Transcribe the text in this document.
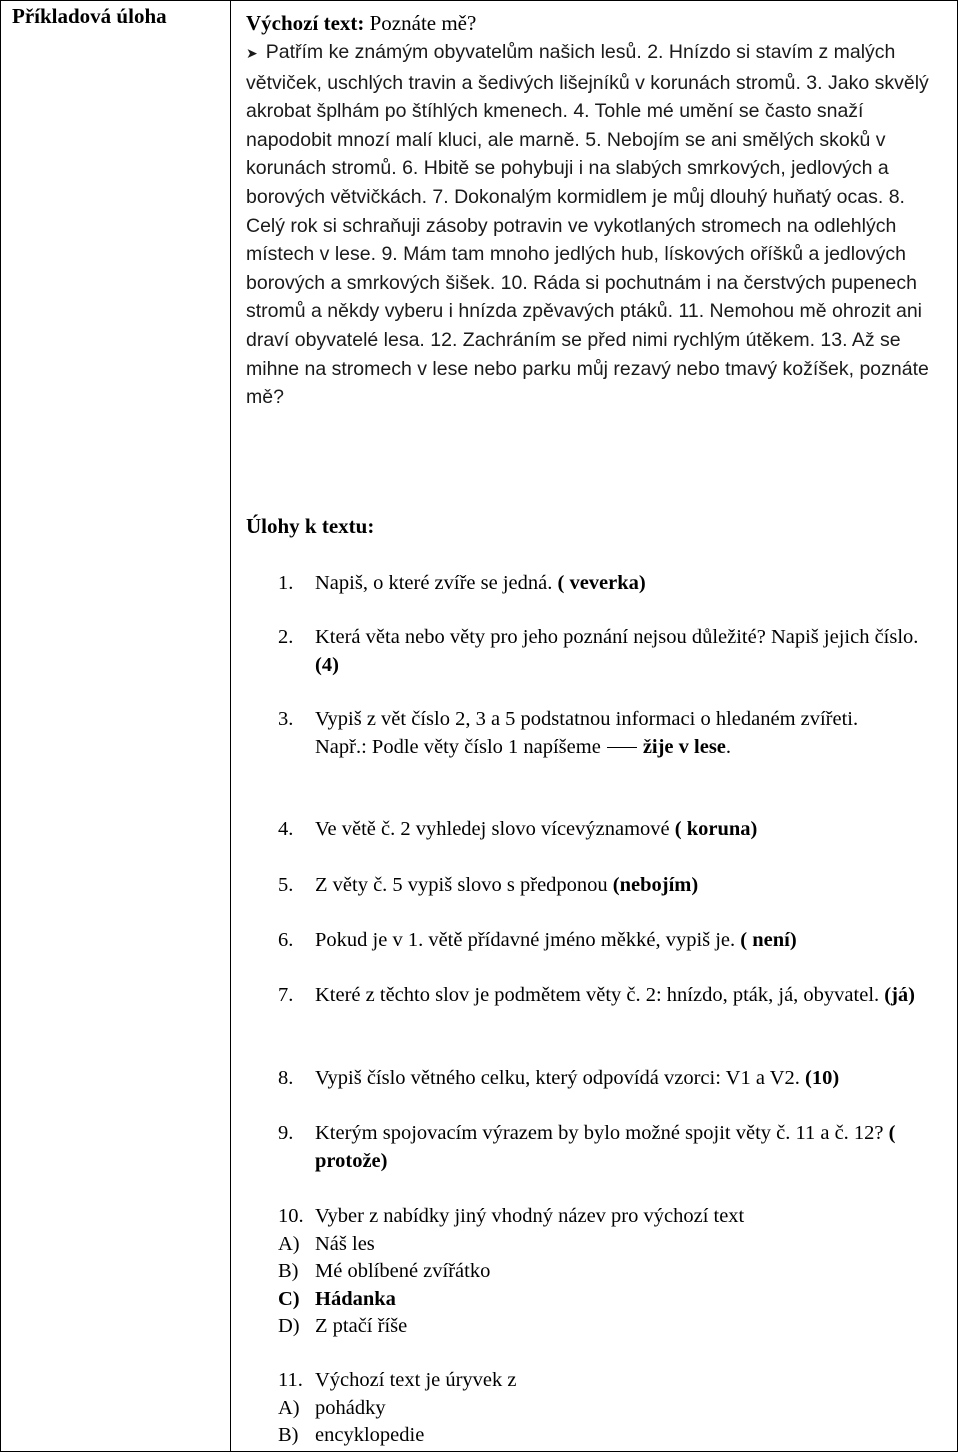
Příkladová úloha	Výchozí text: Poznáte mě?
➤ Patřím ke známým obyvatelům našich lesů. 2. Hnízdo si stavím z malých větviček, uschlých travin a šedivých lišejníků v korunách stromů. 3. Jako skvělý akrobat šplhám po štíhlých kmenech. 4. Tohle mé umění se často snaží napodobit mnozí malí kluci, ale marně. 5. Nebojím se ani smělých skoků v korunách stromů. 6. Hbitě se pohybuji i na slabých smrkových, jedlových a borových větvičkách. 7. Dokonalým kormidlem je můj dlouhý huňatý ocas. 8. Celý rok si schraňuji zásoby potravin ve vykotlaných stromech na odlehlých místech v lese. 9. Mám tam mnoho jedlých hub, lískových oříšků a jedlových borových a smrkových šišek. 10. Ráda si pochutnám i na čerstvých pupenech stromů a někdy vyberu i hnízda zpěvavých ptáků. 11. Nemohou mě ohrozit ani draví obyvatelé lesa. 12. Zachráním se před nimi rychlým útěkem. 13. Až se mihne na stromech v lese nebo parku můj rezavý nebo tmavý kožíšek, poznáte mě?
Úlohy k textu:
1. Napiš, o které zvíře se jedná. ( veverka)
2. Která věta nebo věty pro jeho poznání nejsou důležité? Napiš jejich číslo. (4)
3. Vypiš z vět číslo 2, 3 a 5 podstatnou informaci o hledaném zvířeti.
Např.: Podle věty číslo 1 napíšeme žije v lese.
4. Ve větě č. 2 vyhledej slovo vícevýznamové ( koruna)
5. Z věty č. 5 vypiš slovo s předponou (nebojím)
6. Pokud je v 1. větě přídavné jméno měkké, vypiš je. ( není)
7. Které z těchto slov je podmětem věty č. 2: hnízdo, pták, já, obyvatel. (já)
8. Vypiš číslo větného celku, který odpovídá vzorci: V1 a V2. (10)
9. Kterým spojovacím výrazem by bylo možné spojit věty č. 11 a č. 12? ( protože)
10. Vyber z nabídky jiný vhodný název pro výchozí text
A) Náš les
B) Mé oblíbené zvířátko
C) Hádanka
D) Z ptačí říše
11. Výchozí text je úryvek z
A) pohádky
B) encyklopedie
